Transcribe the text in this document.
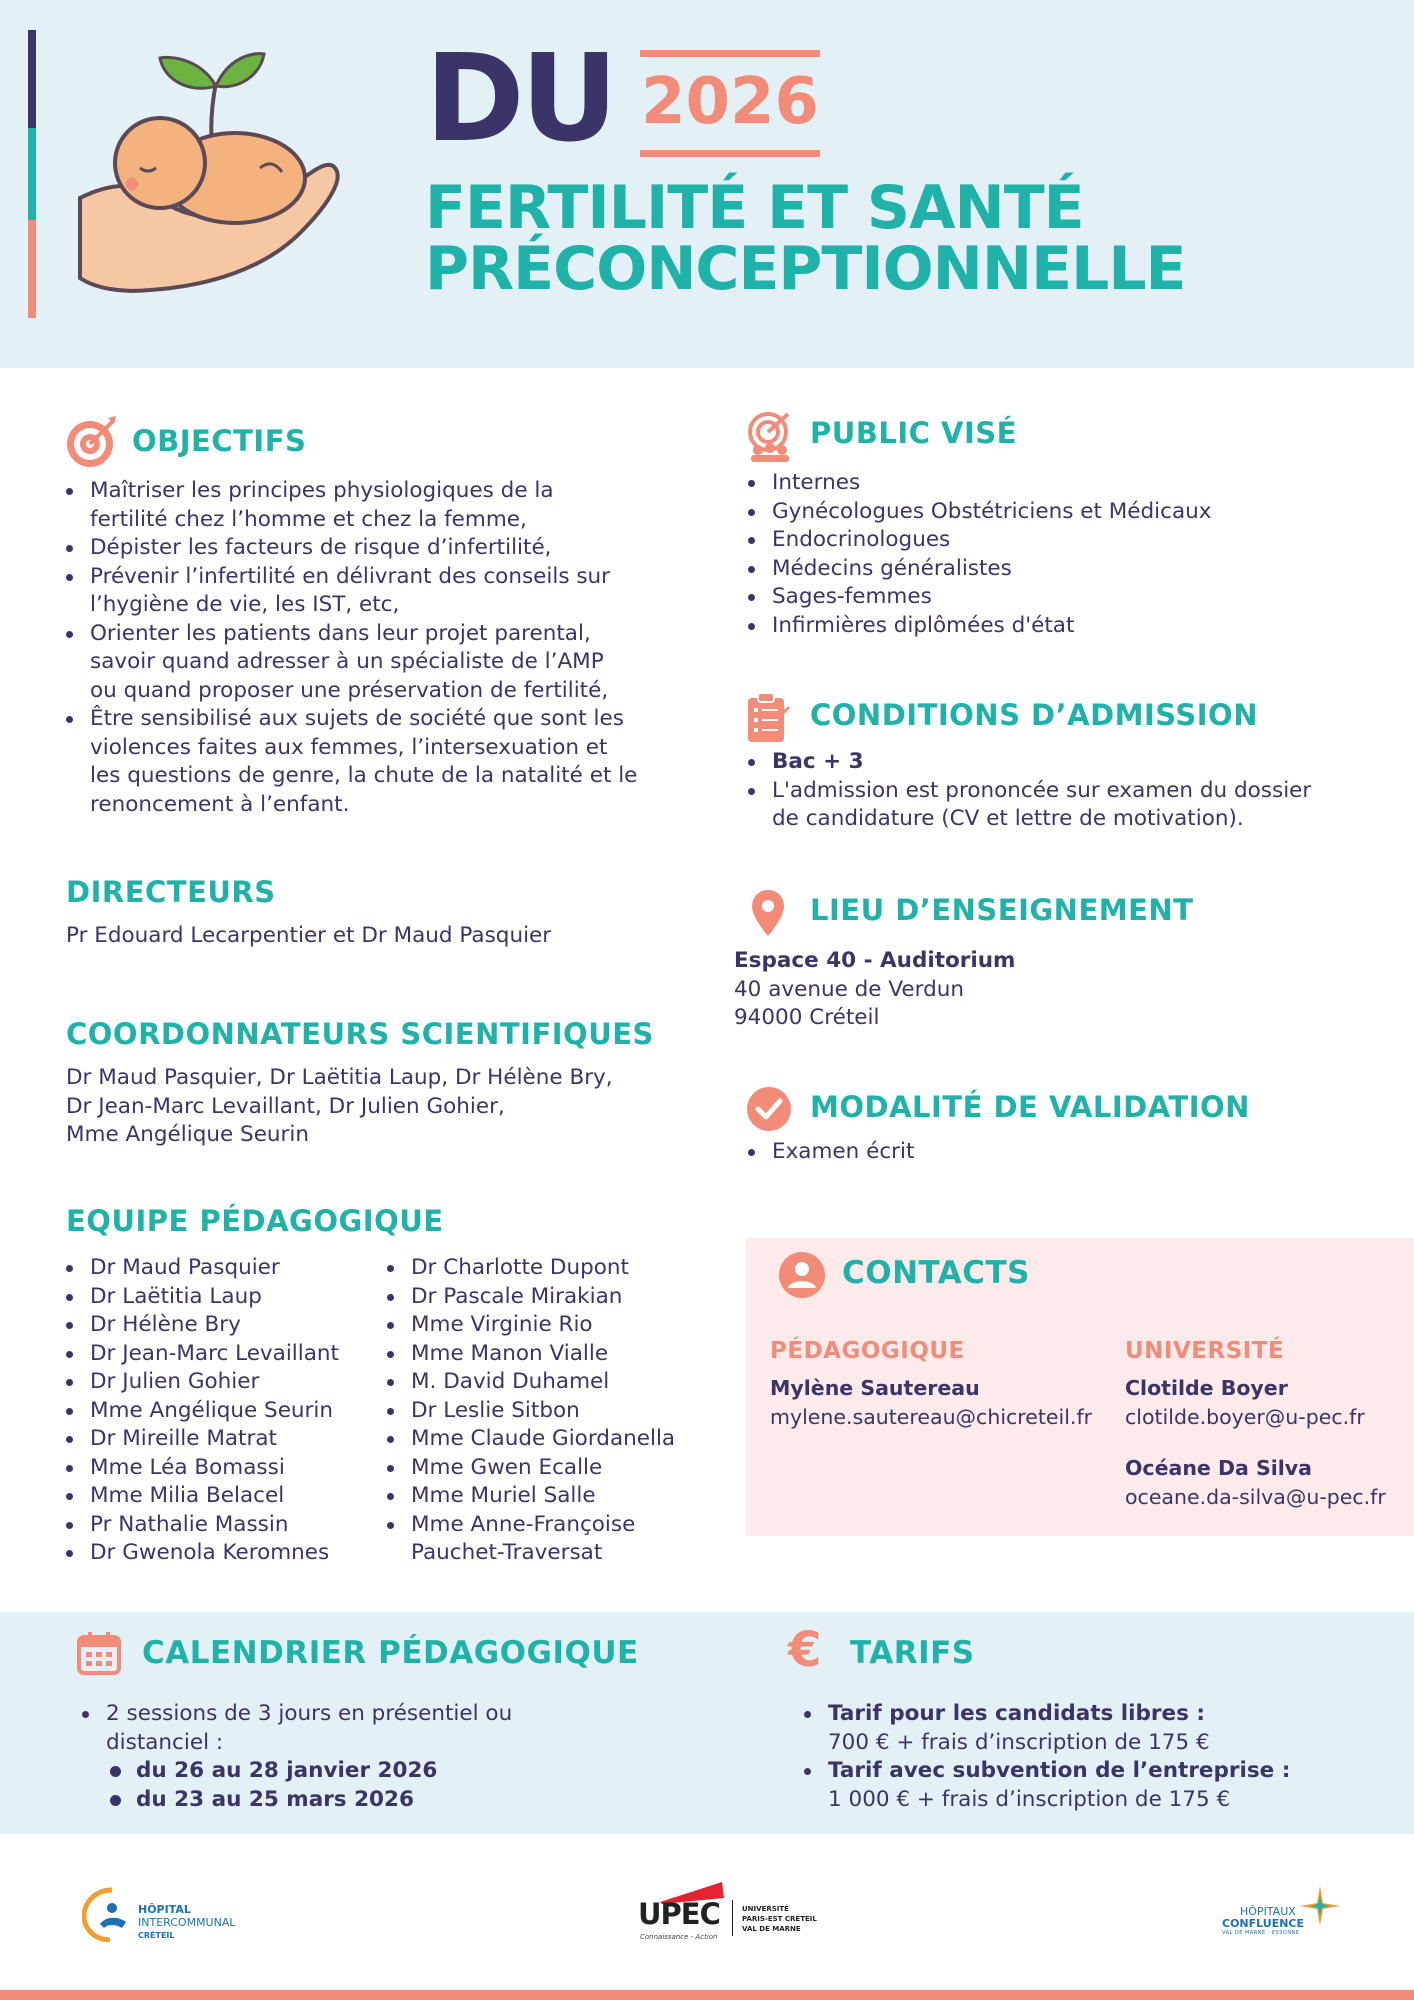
DU 2026
FERTILITÉ ET SANTÉ
PRÉCONCEPTIONNELLE
OBJECTIFS
Maîtriser les principes physiologiques de la
fertilité chez l’homme et chez la femme,
Dépister les facteurs de risque d’infertilité,
Prévenir l’infertilité en délivrant des conseils sur
l’hygiène de vie, les IST, etc,
Orienter les patients dans leur projet parental,
savoir quand adresser à un spécialiste de l’AMP
ou quand proposer une préservation de fertilité,
Être sensibilisé aux sujets de société que sont les
violences faites aux femmes, l’intersexuation et
les questions de genre, la chute de la natalité et le
renoncement à l’enfant.
DIRECTEURS
Pr Edouard Lecarpentier et Dr Maud Pasquier
COORDONNATEURS SCIENTIFIQUES
Dr Maud Pasquier, Dr Laëtitia Laup, Dr Hélène Bry,
Dr Jean-Marc Levaillant, Dr Julien Gohier,
Mme Angélique Seurin
EQUIPE PÉDAGOGIQUE
Dr Maud Pasquier
Dr Laëtitia Laup
Dr Hélène Bry
Dr Jean-Marc Levaillant
Dr Julien Gohier
Mme Angélique Seurin
Dr Mireille Matrat
Mme Léa Bomassi
Mme Milia Belacel
Pr Nathalie Massin
Dr Gwenola Keromnes
Dr Charlotte Dupont
Dr Pascale Mirakian
Mme Virginie Rio
Mme Manon Vialle
M. David Duhamel
Dr Leslie Sitbon
Mme Claude Giordanella
Mme Gwen Ecalle
Mme Muriel Salle
Mme Anne-Françoise
Pauchet-Traversat
PUBLIC VISÉ
Internes
Gynécologues Obstétriciens et Médicaux
Endocrinologues
Médecins généralistes
Sages-femmes
Infirmières diplômées d'état
CONDITIONS D’ADMISSION
Bac + 3
L'admission est prononcée sur examen du dossier
de candidature (CV et lettre de motivation).
LIEU D’ENSEIGNEMENT
Espace 40 - Auditorium
40 avenue de Verdun
94000 Créteil
MODALITÉ DE VALIDATION
Examen écrit
CONTACTS
PÉDAGOGIQUE
Mylène Sautereau
mylene.sautereau@chicreteil.fr
UNIVERSITÉ
Clotilde Boyer
clotilde.boyer@u-pec.fr
Océane Da Silva
oceane.da-silva@u-pec.fr
CALENDRIER PÉDAGOGIQUE
2 sessions de 3 jours en présentiel ou
distanciel :
du 26 au 28 janvier 2026
du 23 au 25 mars 2026
€ TARIFS
Tarif pour les candidats libres :
700 € + frais d’inscription de 175 €
Tarif avec subvention de l’entreprise :
1 000 € + frais d’inscription de 175 €
HÔPITAL
INTERCOMMUNAL
CRÉTEIL
UPEC
Connaissance - Action
UNIVERSITÉ
PARIS-EST CRÉTEIL
VAL DE MARNE
HÔPITAUX
CONFLUENCE
VAL DE MARNE · ESSONNE
